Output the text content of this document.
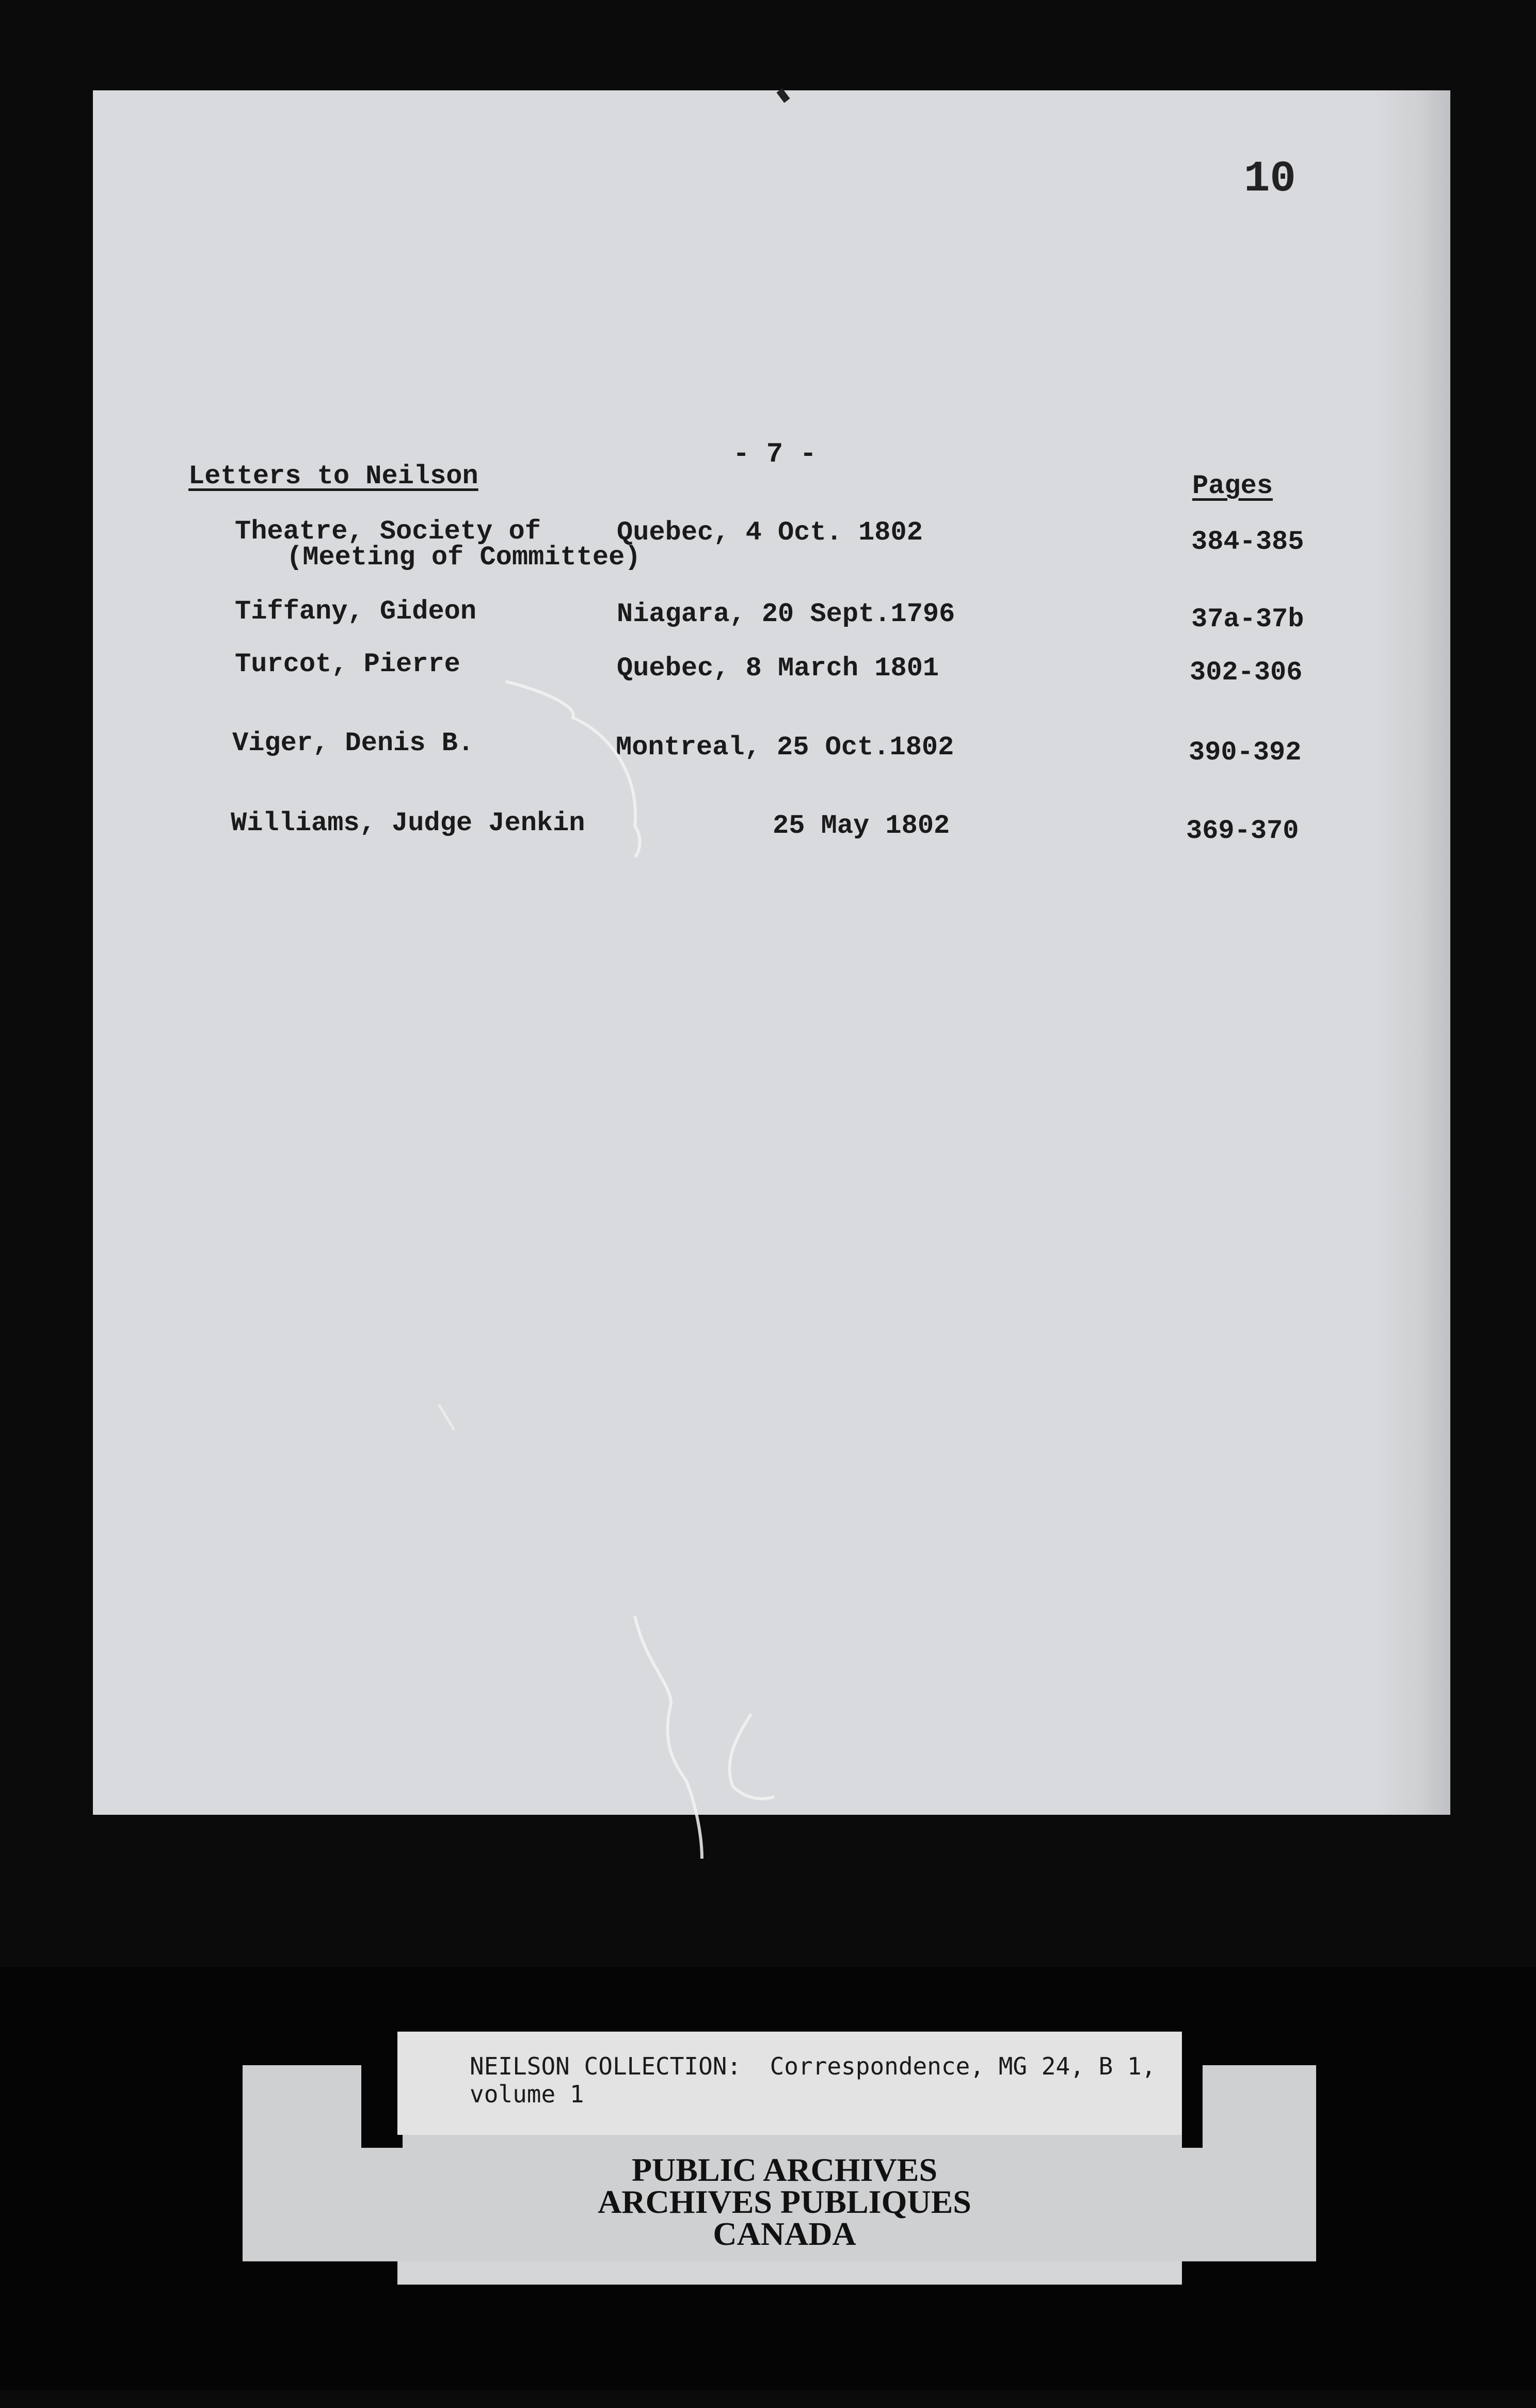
10
- 7 -
Letters to Neilson	Pages
Theatre, Society of
(Meeting of Committee)
Quebec, 4 Oct. 1802	384-385
Tiffany, Gideon	Niagara, 20 Sept.1796	37a-37b
Turcot, Pierre	Quebec, 8 March 1801	302-306
Viger, Denis B.	Montreal, 25 Oct.1802	390-392
Williams, Judge Jenkin	25 May 1802	369-370
NEILSON COLLECTION:  Correspondence, MG 24, B 1,
volume 1
PUBLIC ARCHIVES
ARCHIVES PUBLIQUES
CANADA
